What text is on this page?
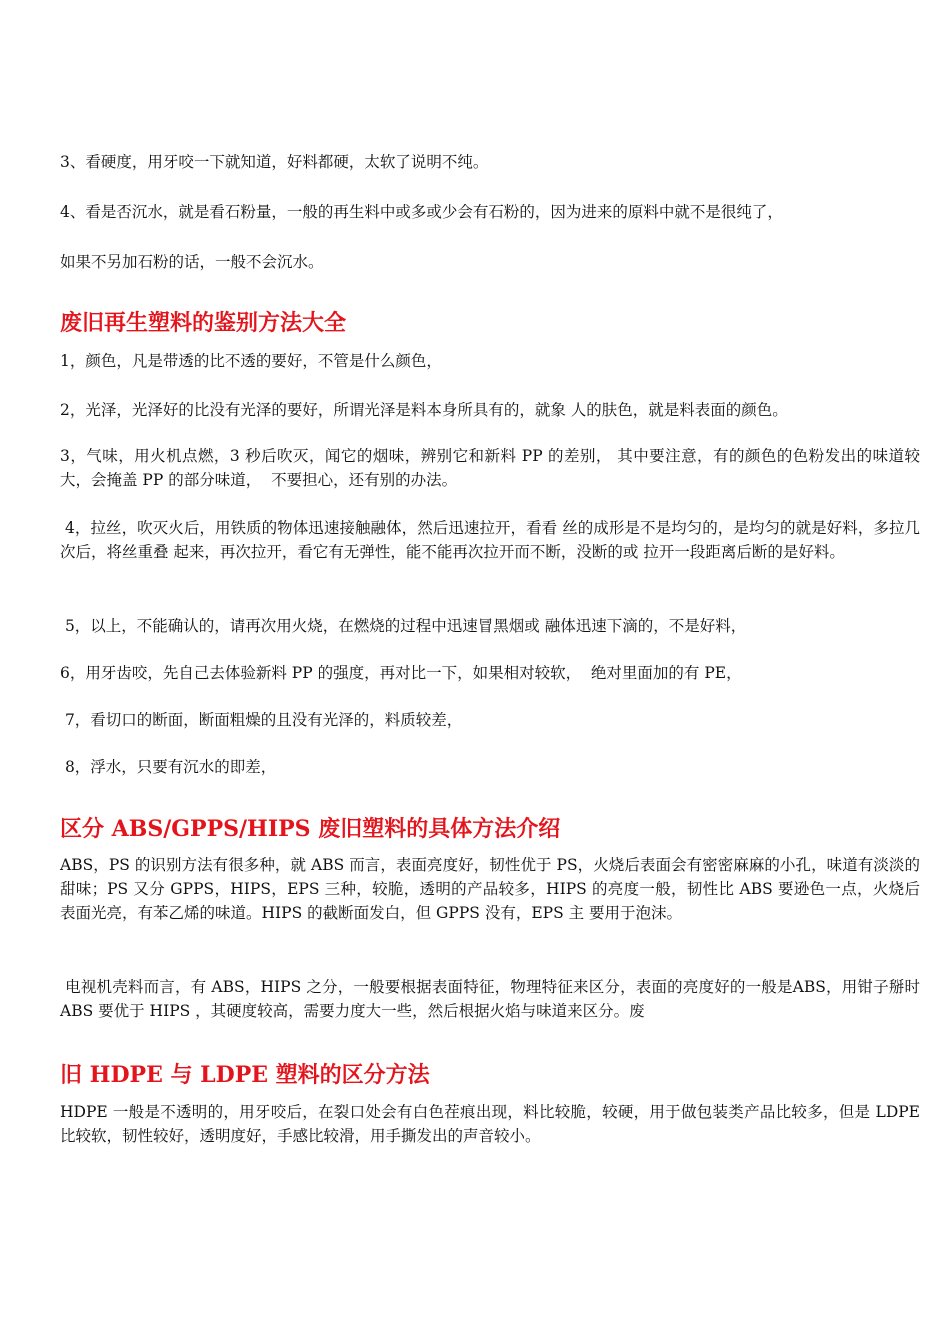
3、看硬度，用牙咬一下就知道，好料都硬，太软了说明不纯。

4、看是否沉水，就是看石粉量，一般的再生料中或多或少会有石粉的，因为进来的原料中就不是很纯了，

如果不另加石粉的话，一般不会沉水。

废旧再生塑料的鉴别方法大全

1，颜色，凡是带透的比不透的要好，不管是什么颜色，

2，光泽，光泽好的比没有光泽的要好，所谓光泽是料本身所具有的，就象 人的肤色，就是料表面的颜色。

3，气味，用火机点燃，3 秒后吹灭，闻它的烟味，辨别它和新料 PP 的差别， 其中要注意，有的颜色的色粉发出的味道较大，会掩盖 PP 的部分味道，  不要担心，还有别的办法。

4，拉丝，吹灭火后，用铁质的物体迅速接触融体，然后迅速拉开，看看 丝的成形是不是均匀的，是均匀的就是好料，多拉几次后，将丝重叠 起来，再次拉开，看它有无弹性，能不能再次拉开而不断，没断的或 拉开一段距离后断的是好料。

5，以上，不能确认的，请再次用火烧，在燃烧的过程中迅速冒黑烟或 融体迅速下滴的，不是好料，

6，用牙齿咬，先自己去体验新料 PP 的强度，再对比一下，如果相对较软，  绝对里面加的有 PE，

7，看切口的断面，断面粗燥的且没有光泽的，料质较差，

8，浮水，只要有沉水的即差，

区分 ABS/GPPS/HIPS 废旧塑料的具体方法介绍

ABS，PS 的识别方法有很多种，就 ABS 而言，表面亮度好，韧性优于 PS，火烧后表面会有密密麻麻的小孔，味道有淡淡的甜味；PS 又分 GPPS，HIPS，EPS 三种，较脆，透明的产品较多，HIPS 的亮度一般，韧性比 ABS 要逊色一点，火烧后表面光亮，有苯乙烯的味道。HIPS 的截断面发白，但 GPPS 没有，EPS 主 要用于泡沫。

电视机壳料而言，有 ABS，HIPS 之分，一般要根据表面特征，物理特征来区分，表面的亮度好的一般是ABS，用钳子掰时 ABS 要优于 HIPS ，其硬度较高，需要力度大一些，然后根据火焰与味道来区分。废

旧 HDPE 与 LDPE 塑料的区分方法

HDPE 一般是不透明的，用牙咬后，在裂口处会有白色茬痕出现，料比较脆，较硬，用于做包装类产品比较多，但是 LDPE 比较软，韧性较好，透明度好，手感比较滑，用手撕发出的声音较小。
